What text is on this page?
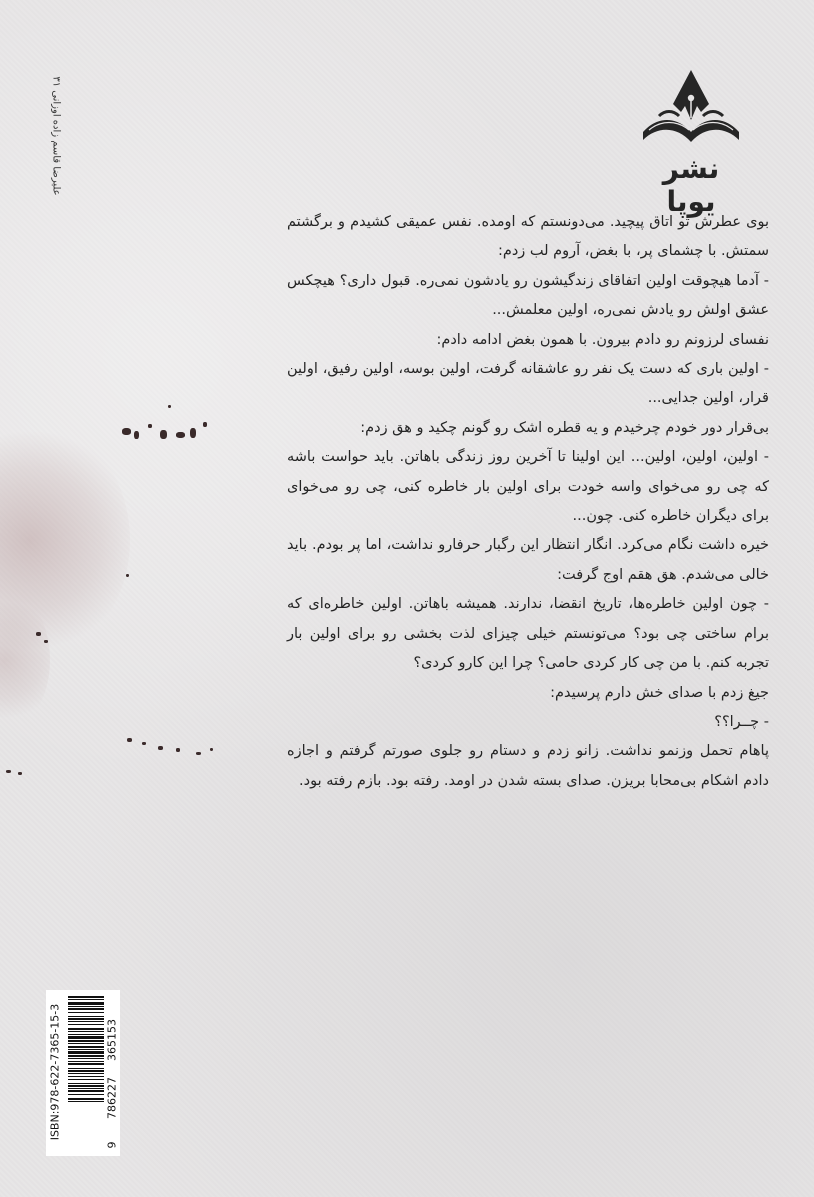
نشر یوپا
علیرضا قاسم زاده اوزانی ۳۱

بوی عطرش تو اتاق پیچید. می‌دونستم که اومده. نفس عمیقی کشیدم و برگشتم سمتش. با چشمای پر، با بغض، آروم لب زدم:

- آدما هیچوقت اولین اتفاقای زندگیشون رو یادشون نمی‌ره. قبول داری؟ هیچکس عشق اولش رو یادش نمی‌ره، اولین معلمش...

نفسای لرزونم رو دادم بیرون. با همون بغض ادامه دادم:

- اولین باری که دست یک نفر رو عاشقانه گرفت، اولین بوسه، اولین رفیق، اولین قرار، اولین جدایی...

بی‌قرار دور خودم چرخیدم و یه قطره اشک رو گونم چکید و هق زدم:

- اولین، اولین، اولین... این اولینا تا آخرین روز زندگی باهاتن. باید حواست باشه که چی رو می‌خوای واسه خودت برای اولین بار خاطره کنی، چی رو می‌خوای برای دیگران خاطره کنی. چون...

خیره داشت نگام می‌کرد. انگار انتظار این رگبار حرفارو نداشت، اما پر بودم. باید خالی می‌شدم. هق هقم اوج گرفت:

- چون اولین خاطره‌ها، تاریخ انقضا، ندارند. همیشه باهاتن. اولین خاطره‌ای که برام ساختی چی بود؟ می‌تونستم خیلی چیزای لذت بخشی رو برای اولین بار تجربه کنم. با من چی کار کردی حامی؟ چرا این کارو کردی؟

جیغ زدم با صدای خش دارم پرسیدم:

- چــرا؟؟

پاهام تحمل وزنمو نداشت. زانو زدم و دستام رو جلوی صورتم گرفتم و اجازه دادم اشکام بی‌محابا بریزن. صدای بسته شدن در اومد. رفته بود. بازم رفته بود.

ISBN:978-622-7365-15-3
9
786227
365153
